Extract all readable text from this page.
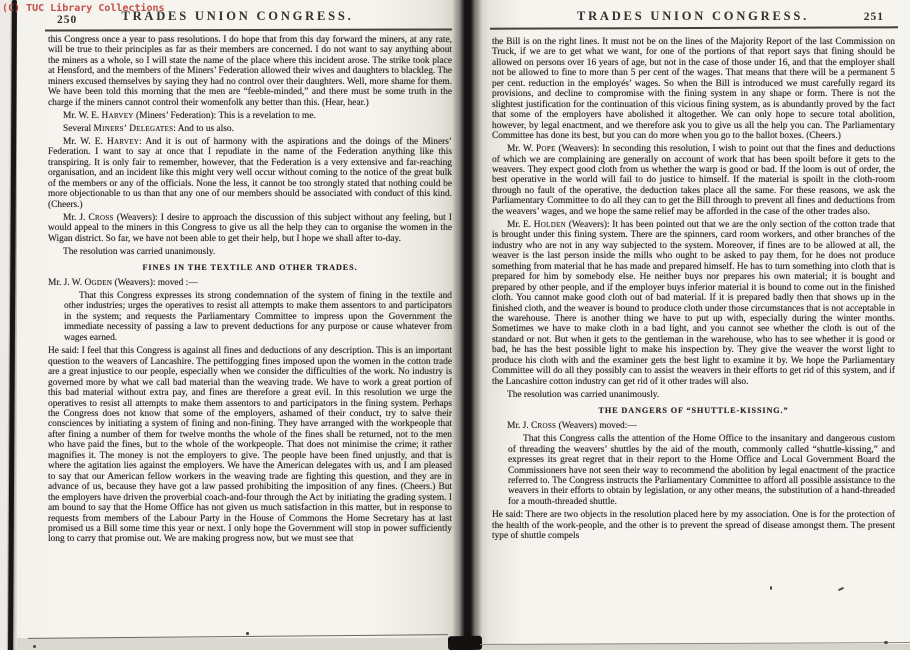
250	TRADES UNION CONGRESS.

this Congress once a year to pass resolutions. I do hope that from this day forward the miners, at any rate, will be true to their principles as far as their members are concerned. I do not want to say anything about the miners as a whole, so I will state the name of the place where this incident arose. The strike took place at Hensford, and the members of the Miners’ Federation allowed their wives and daughters to blackleg. The miners excused themselves by saying they had no control over their daughters. Well, more shame for them. We have been told this morning that the men are “feeble-minded,” and there must be some truth in the charge if the miners cannot control their womenfolk any better than this. (Hear, hear.)

Mr. W. E. Harvey (Miners’ Federation): This is a revelation to me.

Several Miners’ Delegates: And to us also.

Mr. W. E. Harvey: And it is out of harmony with the aspirations and the doings of the Miners’ Federation. I want to say at once that I repudiate in the name of the Federation anything like this transpiring. It is only fair to remember, however, that the Federation is a very extensive and far-reaching organisation, and an incident like this might very well occur without coming to the notice of the great bulk of the members or any of the officials. None the less, it cannot be too strongly stated that nothing could be more objectionable to us than that any one of our members should be associated with conduct of this kind. (Cheers.)

Mr. J. Cross (Weavers): I desire to approach the discussion of this subject without any feeling, but I would appeal to the miners in this Congress to give us all the help they can to organise the women in the Wigan district. So far, we have not been able to get their help, but I hope we shall after to-day.

The resolution was carried unanimously.

FINES IN THE TEXTILE AND OTHER TRADES.

Mr. J. W. Ogden (Weavers): moved :—

That this Congress expresses its strong condemnation of the system of fining in the textile and other industries; urges the operatives to resist all attempts to make them assentors to and participators in the system; and requests the Parliamentary Committee to impress upon the Government the immediate necessity of passing a law to prevent deductions for any purpose or cause whatever from wages earned.

He said: I feel that this Congress is against all fines and deductions of any description. This is an important question to the weavers of Lancashire. The pettifogging fines imposed upon the women in the cotton trade are a great injustice to our people, especially when we consider the difficulties of the work. No industry is governed more by what we call bad material than the weaving trade. We have to work a great portion of this bad material without extra pay, and fines are therefore a great evil. In this resolution we urge the operatives to resist all attempts to make them assentors to and participators in the fining system. Perhaps the Congress does not know that some of the employers, ashamed of their conduct, try to salve their consciences by initiating a system of fining and non-fining. They have arranged with the workpeople that after fining a number of them for twelve months the whole of the fines shall be returned, not to the men who have paid the fines, but to the whole of the workpeople. That does not minimise the crime; it rather magnifies it. The money is not the employers to give. The people have been fined unjustly, and that is where the agitation lies against the employers. We have the American delegates with us, and I am pleased to say that our American fellow workers in the weaving trade are fighting this question, and they are in advance of us, because they have got a law passed prohibiting the imposition of any fines. (Cheers.) But the employers have driven the proverbial coach-and-four through the Act by initiating the grading system. I am bound to say that the Home Office has not given us much satisfaction in this matter, but in response to requests from members of the Labour Party in the House of Commons the Home Secretary has at last promised us a Bill some time this year or next. I only hope the Government will stop in power sufficiently long to carry that promise out. We are making progress now, but we must see that

TRADES UNION CONGRESS.	251

the Bill is on the right lines. It must not be on the lines of the Majority Report of the last Commission on Truck, if we are to get what we want, for one of the portions of that report says that fining should be allowed on persons over 16 years of age, but not in the case of those under 16, and that the employer shall not be allowed to fine to more than 5 per cent of the wages. That means that there will be a permanent 5 per cent. reduction in the employés’ wages. So when the Bill is introduced we must carefully regard its provisions, and decline to compromise with the fining system in any shape or form. There is not the slightest justification for the continuation of this vicious fining system, as is abundantly proved by the fact that some of the employers have abolished it altogether. We can only hope to secure total abolition, however, by legal enactment, and we therefore ask you to give us all the help you can. The Parliamentary Committee has done its best, but you can do more when you go to the ballot boxes. (Cheers.)

Mr. W. Pope (Weavers): In seconding this resolution, I wish to point out that the fines and deductions of which we are complaining are generally on account of work that has been spoilt before it gets to the weavers. They expect good cloth from us whether the warp is good or bad. If the loom is out of order, the best operative in the world will fail to do justice to himself. If the material is spoilt in the cloth-room through no fault of the operative, the deduction takes place all the same. For these reasons, we ask the Parliamentary Committee to do all they can to get the Bill through to prevent all fines and deductions from the weavers’ wages, and we hope the same relief may be afforded in the case of the other trades also.

Mr. E. Holden (Weavers): It has been pointed out that we are the only section of the cotton trade that is brought under this fining system. There are the spinners, card room workers, and other branches of the industry who are not in any way subjected to the system. Moreover, if fines are to be allowed at all, the weaver is the last person inside the mills who ought to be asked to pay them, for he does not produce something from material that he has made and prepared himself. He has to turn something into cloth that is prepared for him by somebody else. He neither buys nor prepares his own material; it is bought and prepared by other people, and if the employer buys inferior material it is bound to come out in the finished cloth. You cannot make good cloth out of bad material. If it is prepared badly then that shows up in the finished cloth, and the weaver is bound to produce cloth under those circumstances that is not acceptable in the warehouse. There is another thing we have to put up with, especially during the winter months. Sometimes we have to make cloth in a bad light, and you cannot see whether the cloth is out of the standard or not. But when it gets to the gentleman in the warehouse, who has to see whether it is good or bad, he has the best possible light to make his inspection by. They give the weaver the worst light to produce his cloth with and the examiner gets the best light to examine it by. We hope the Parliamentary Committee will do all they possibly can to assist the weavers in their efforts to get rid of this system, and if the Lancashire cotton industry can get rid of it other trades will also.

The resolution was carried unanimously.

THE DANGERS OF “SHUTTLE-KISSING.”

Mr. J. Cross (Weavers) moved:—

That this Congress calls the attention of the Home Office to the insanitary and dangerous custom of threading the weavers’ shuttles by the aid of the mouth, commonly called “shuttle-kissing,” and expresses its great regret that in their report to the Home Office and Local Government Board the Commissioners have not seen their way to recommend the abolition by legal enactment of the practice referred to. The Congress instructs the Parliamentary Committee to afford all possible assistance to the weavers in their efforts to obtain by legislation, or any other means, the substitution of a hand-threaded for a mouth-threaded shuttle.

He said: There are two objects in the resolution placed here by my association. One is for the protection of the health of the work-people, and the other is to prevent the spread of disease amongst them. The present type of shuttle compels

(C) TUC Library Collections
